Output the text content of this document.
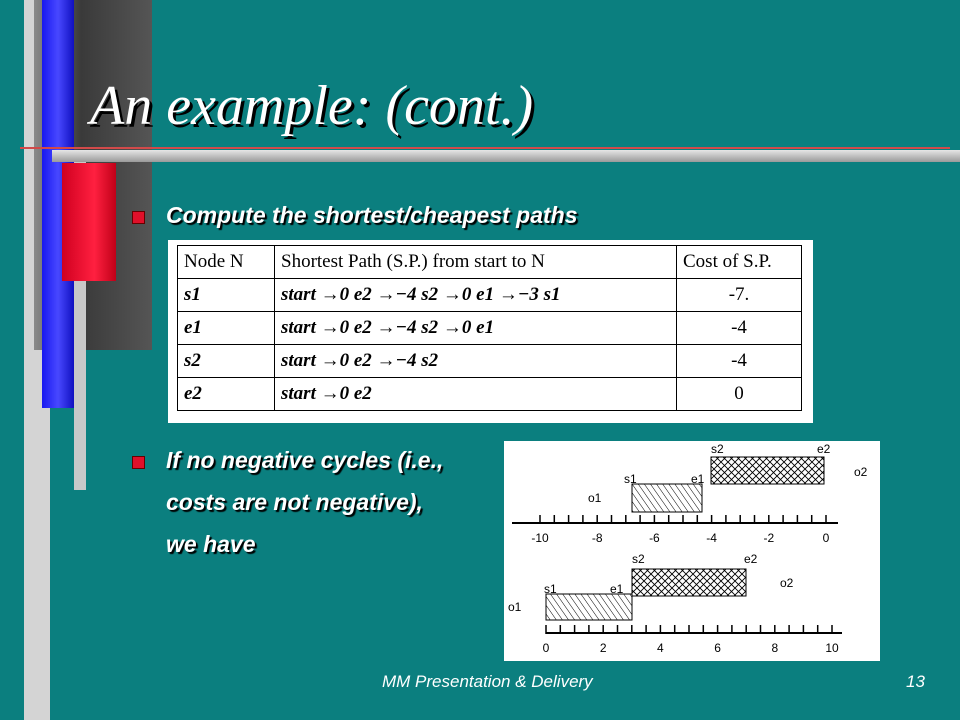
An example: (cont.)
Compute the shortest/cheapest paths
Node N	Shortest Path (S.P.) from start to N	Cost of S.P.
s1	start →0 e2 →−4 s2 →0 e1 →−3 s1	-7.
e1	start →0 e2 →−4 s2 →0 e1	-4
s2	start →0 e2 →−4 s2	-4
e2	start →0 e2	0
If no negative cycles (i.e.,
costs are not negative),
we have	-10	-8	-6	-4	-2	0
s2	e2
s1	e1
o1
o2
0	2	4	6	8	10
s2	e2
s1	e1
o1
o2
MM Presentation & Delivery	13
